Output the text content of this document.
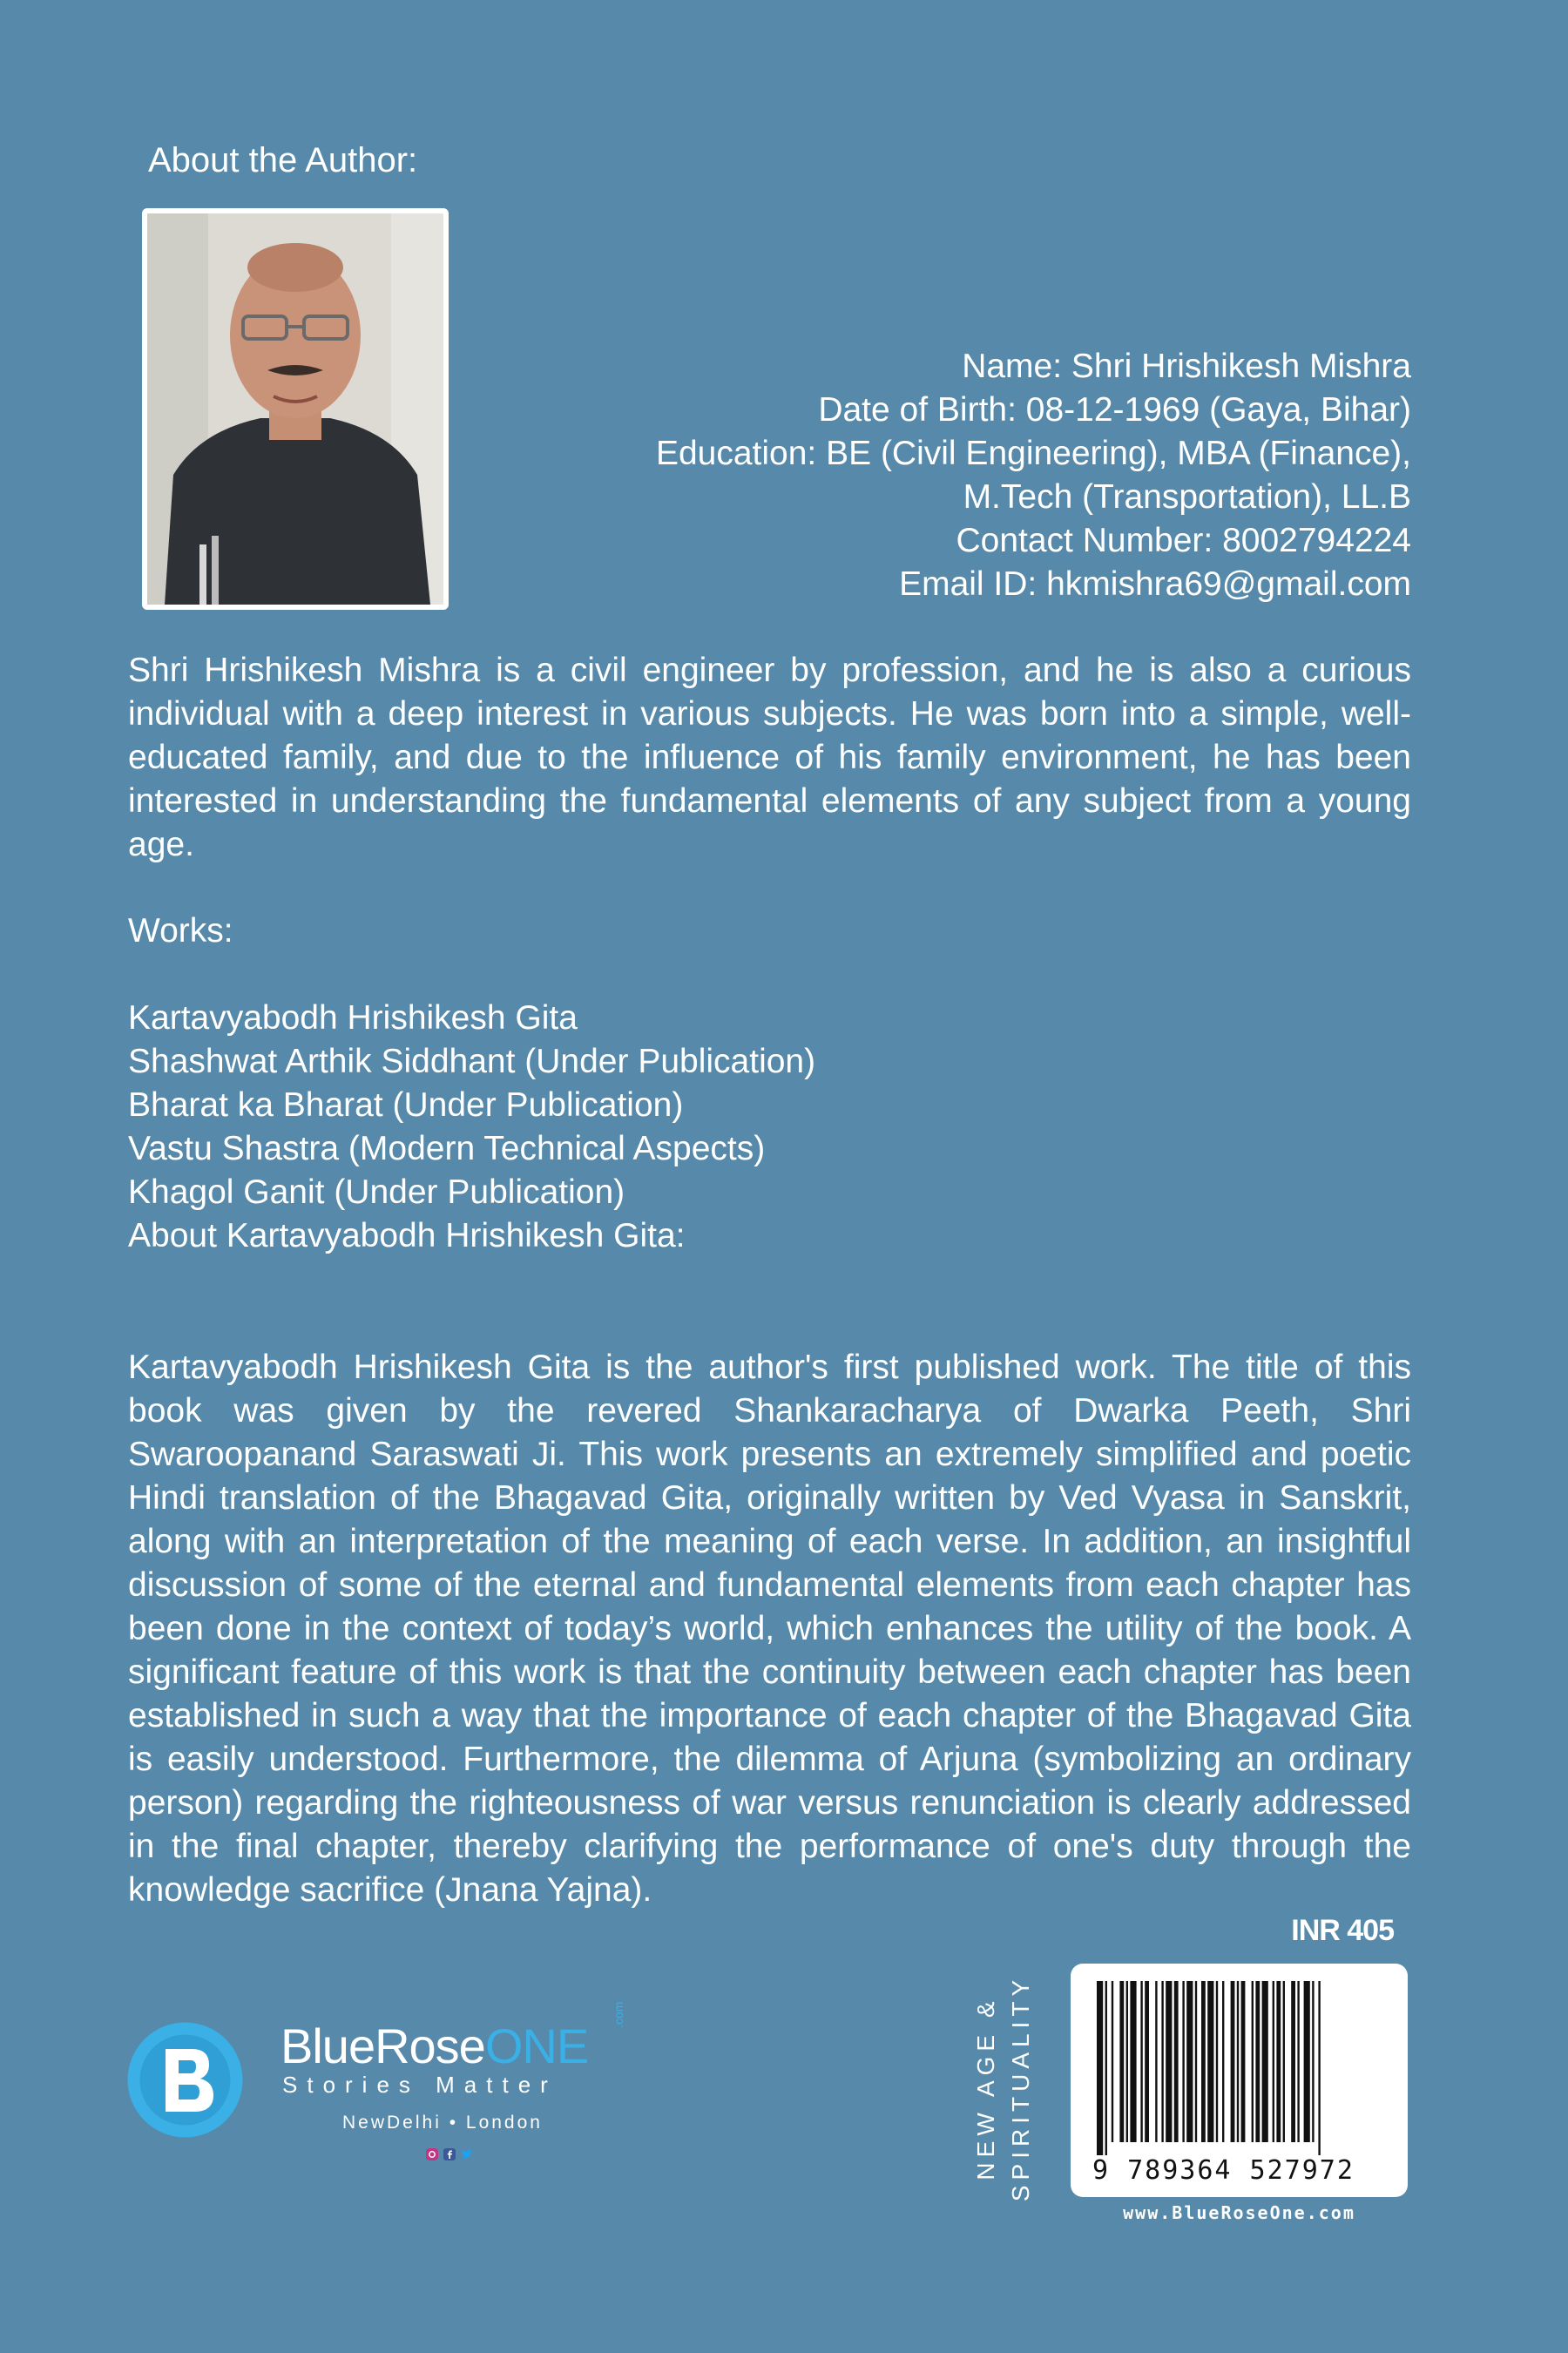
About the Author:
Name: Shri Hrishikesh Mishra
Date of Birth: 08-12-1969 (Gaya, Bihar)
Education: BE (Civil Engineering), MBA (Finance),
M.Tech (Transportation), LL.B
Contact Number: 8002794224
Email ID: hkmishra69@gmail.com
Shri Hrishikesh Mishra is a civil engineer by profession, and he is also a curious individual with a deep interest in various subjects. He was born into a simple, well-educated family, and due to the influence of his family environment, he has been interested in understanding the fundamental elements of any subject from a young age.
Works:
Kartavyabodh Hrishikesh Gita
Shashwat Arthik Siddhant (Under Publication)
Bharat ka Bharat (Under Publication)
Vastu Shastra (Modern Technical Aspects)
Khagol Ganit (Under Publication)
About Kartavyabodh Hrishikesh Gita:
Kartavyabodh Hrishikesh Gita is the author's first published work. The title of this book was given by the revered Shankaracharya of Dwarka Peeth, Shri Swaroopanand Saraswati Ji. This work presents an extremely simplified and poetic Hindi translation of the Bhagavad Gita, originally written by Ved Vyasa in Sanskrit, along with an interpretation of the meaning of each verse. In addition, an insightful discussion of some of the eternal and fundamental elements from each chapter has been done in the context of today’s world, which enhances the utility of the book. A significant feature of this work is that the continuity between each chapter has been established in such a way that the importance of each chapter of the Bhagavad Gita is easily understood. Furthermore, the dilemma of Arjuna (symbolizing an ordinary person) regarding the righteousness of war versus renunciation is clearly addressed in the final chapter, thereby clarifying the performance of one's duty through the knowledge sacrifice (Jnana Yajna).
INR 405
NEW AGE & SPIRITUALITY	9 789364 527972
www.BlueRoseOne.com
BlueRoseONE
.com
Stories Matter
NewDelhi • London
